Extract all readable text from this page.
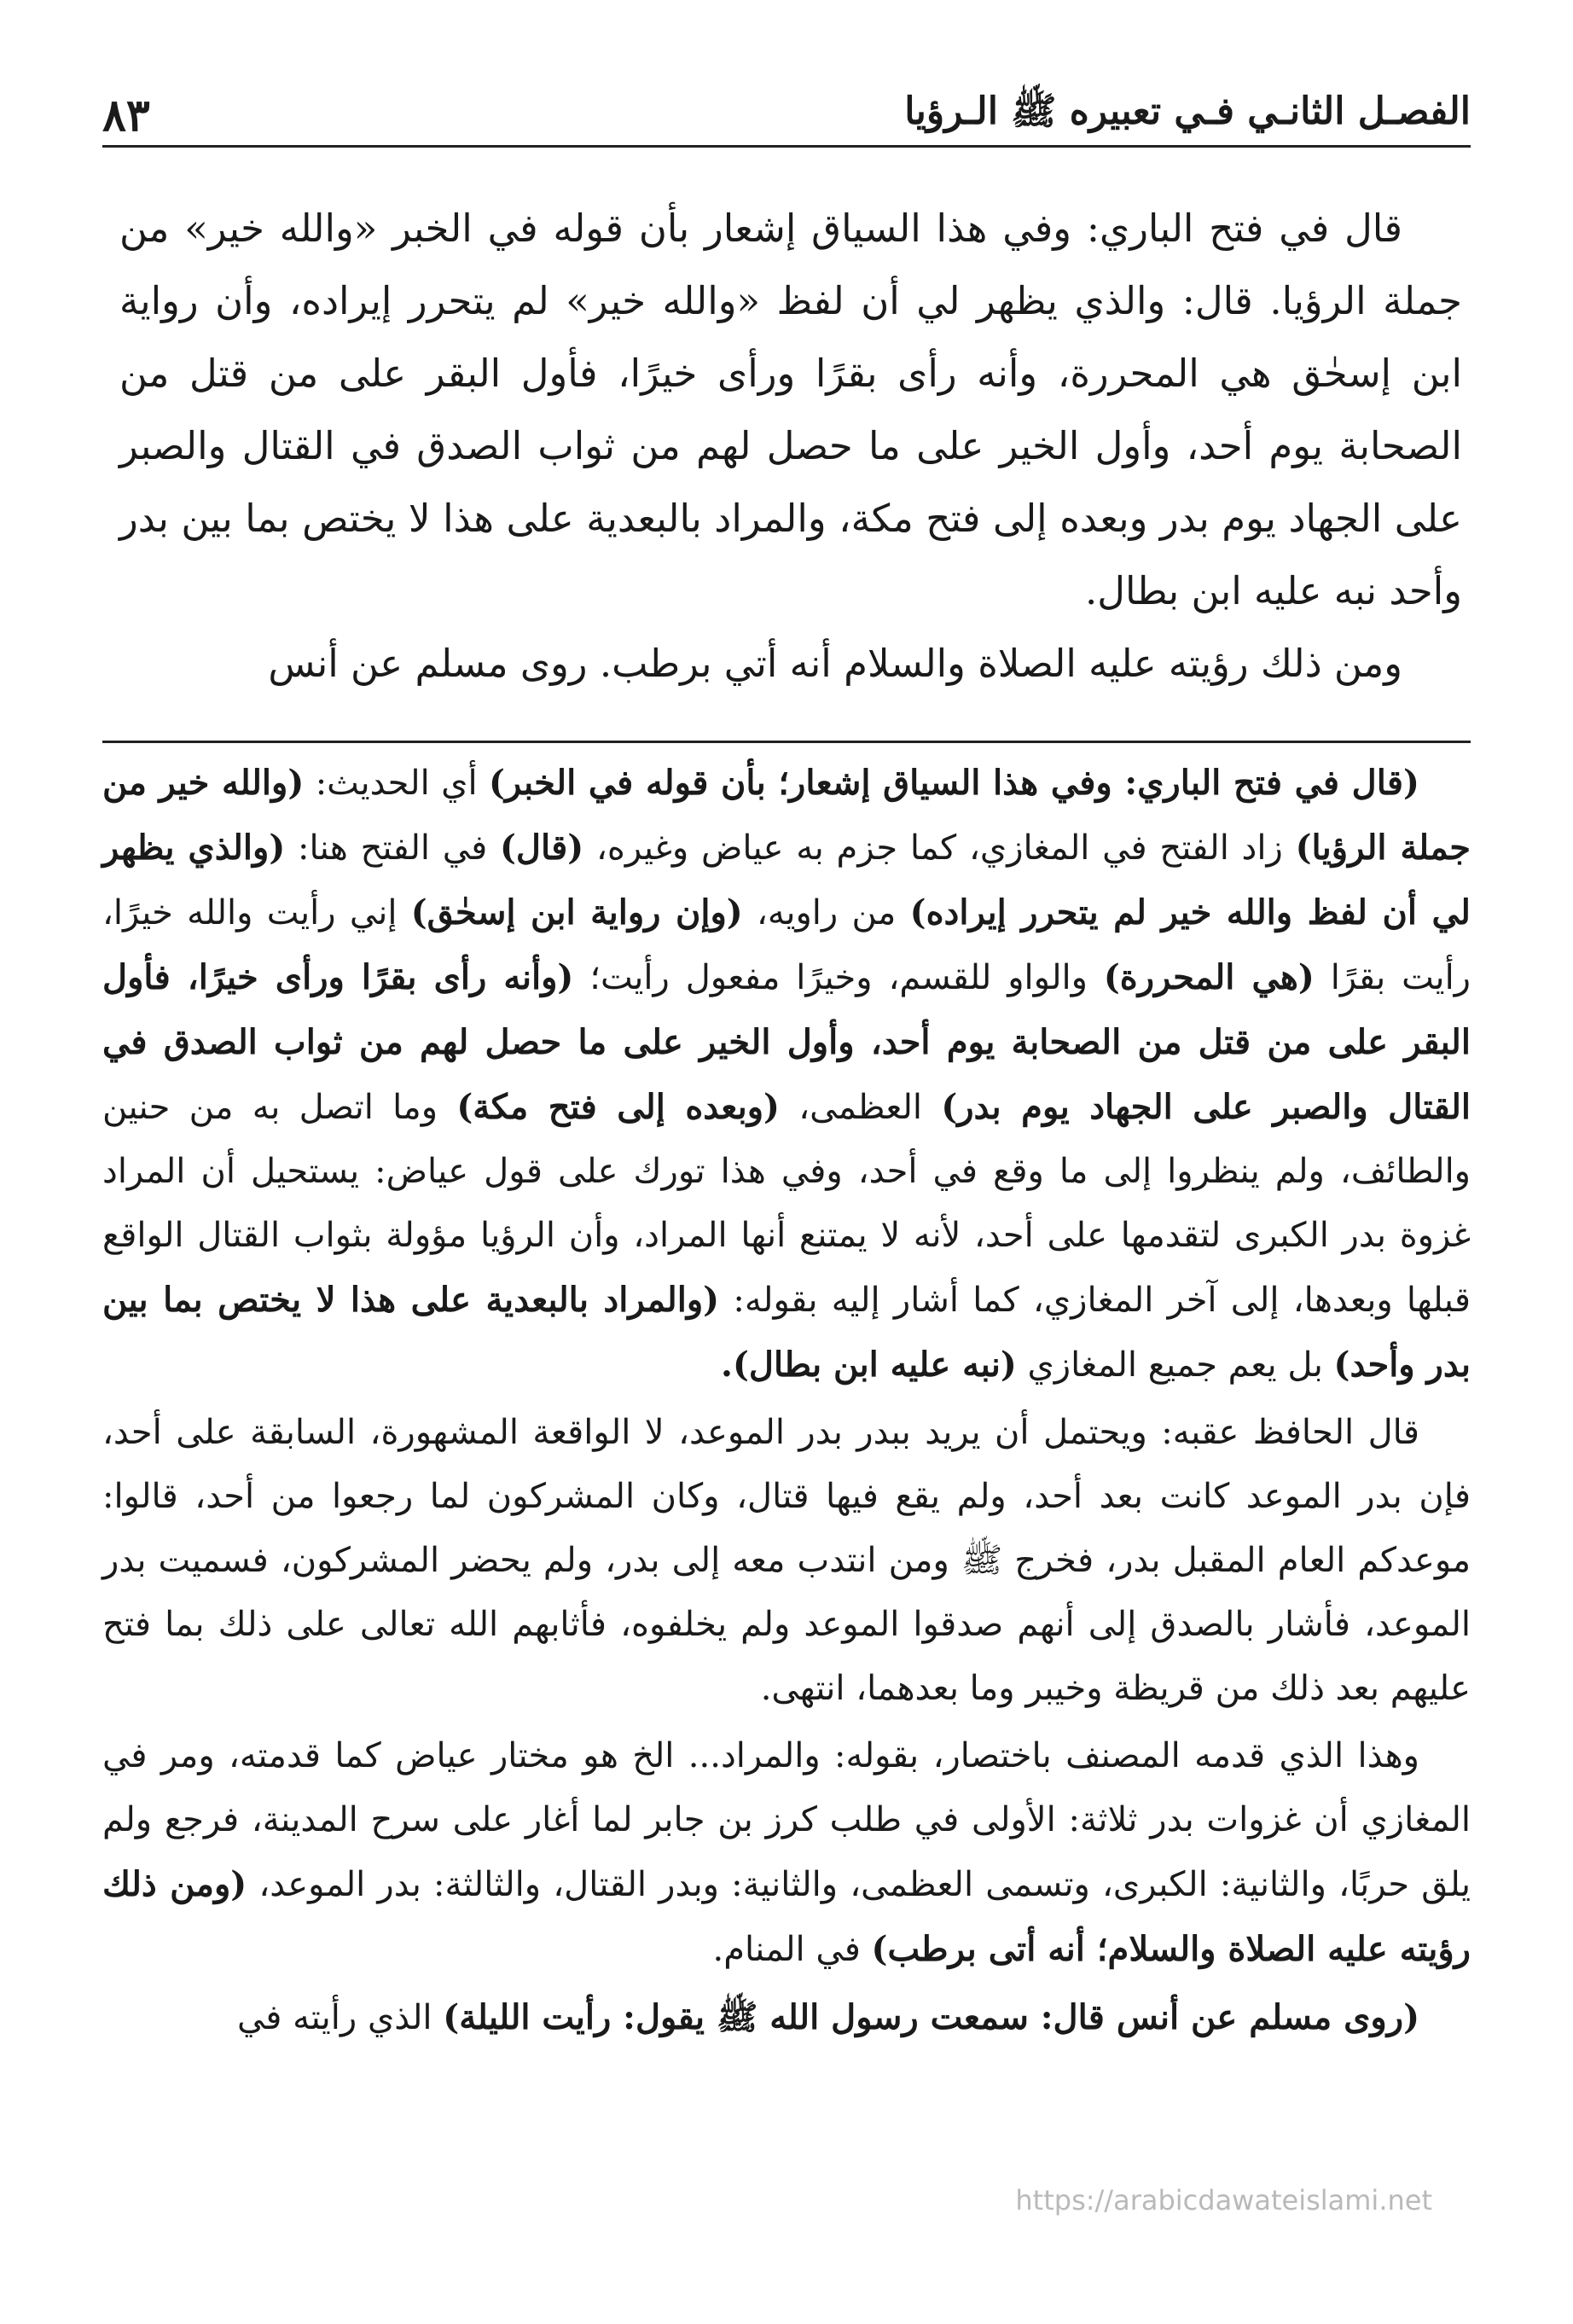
الفصـل الثانـي فـي تعبيره ﷺ الـرؤيا
٨٣

قال في فتح الباري: وفي هذا السياق إشعار بأن قوله في الخبر «والله خير» من جملة الرؤيا. قال: والذي يظهر لي أن لفظ «والله خير» لم يتحرر إيراده، وأن رواية ابن إسحٰق هي المحررة، وأنه رأى بقرًا ورأى خيرًا، فأول البقر على من قتل من الصحابة يوم أحد، وأول الخير على ما حصل لهم من ثواب الصدق في القتال والصبر على الجهاد يوم بدر وبعده إلى فتح مكة، والمراد بالبعدية على هذا لا يختص بما بين بدر وأحد نبه عليه ابن بطال.

ومن ذلك رؤيته عليه الصلاة والسلام أنه أتي برطب. روى مسلم عن أنس

(قال في فتح الباري: وفي هذا السياق إشعار؛ بأن قوله في الخبر) أي الحديث: (والله خير من جملة الرؤيا) زاد الفتح في المغازي، كما جزم به عياض وغيره، (قال) في الفتح هنا: (والذي يظهر لي أن لفظ والله خير لم يتحرر إيراده) من راويه، (وإن رواية ابن إسحٰق) إني رأيت والله خيرًا، رأيت بقرًا (هي المحررة) والواو للقسم، وخيرًا مفعول رأيت؛ (وأنه رأى بقرًا ورأى خيرًا، فأول البقر على من قتل من الصحابة يوم أحد، وأول الخير على ما حصل لهم من ثواب الصدق في القتال والصبر على الجهاد يوم بدر) العظمى، (وبعده إلى فتح مكة) وما اتصل به من حنين والطائف، ولم ينظروا إلى ما وقع في أحد، وفي هذا تورك على قول عياض: يستحيل أن المراد غزوة بدر الكبرى لتقدمها على أحد، لأنه لا يمتنع أنها المراد، وأن الرؤيا مؤولة بثواب القتال الواقع قبلها وبعدها، إلى آخر المغازي، كما أشار إليه بقوله: (والمراد بالبعدية على هذا لا يختص بما بين بدر وأحد) بل يعم جميع المغازي (نبه عليه ابن بطال).

قال الحافظ عقبه: ويحتمل أن يريد ببدر بدر الموعد، لا الواقعة المشهورة، السابقة على أحد، فإن بدر الموعد كانت بعد أحد، ولم يقع فيها قتال، وكان المشركون لما رجعوا من أحد، قالوا: موعدكم العام المقبل بدر، فخرج ﷺ ومن انتدب معه إلى بدر، ولم يحضر المشركون، فسميت بدر الموعد، فأشار بالصدق إلى أنهم صدقوا الموعد ولم يخلفوه، فأثابهم الله تعالى على ذلك بما فتح عليهم بعد ذلك من قريظة وخيبر وما بعدهما، انتهى.

وهذا الذي قدمه المصنف باختصار، بقوله: والمراد... الخ هو مختار عياض كما قدمته، ومر في المغازي أن غزوات بدر ثلاثة: الأولى في طلب كرز بن جابر لما أغار على سرح المدينة، فرجع ولم يلق حربًا، والثانية: الكبرى، وتسمى العظمى، والثانية: وبدر القتال، والثالثة: بدر الموعد، (ومن ذلك رؤيته عليه الصلاة والسلام؛ أنه أتى برطب) في المنام.

(روى مسلم عن أنس قال: سمعت رسول الله ﷺ يقول: رأيت الليلة) الذي رأيته في

https://arabicdawateislami.net
